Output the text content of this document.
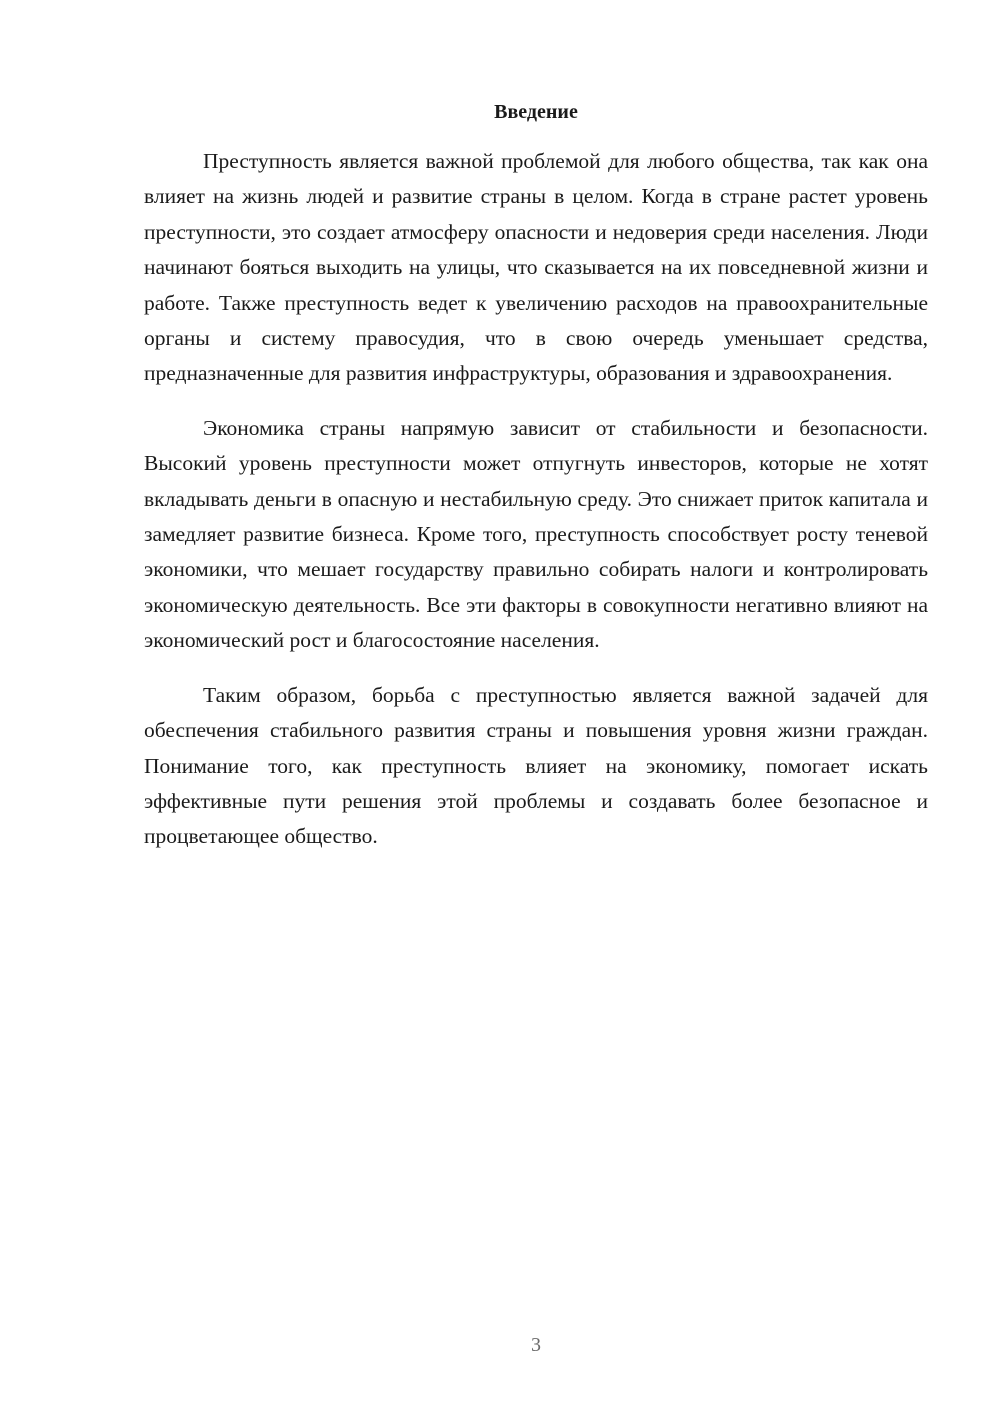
Введение

Преступность является важной проблемой для любого общества, так как она влияет на жизнь людей и развитие страны в целом. Когда в стране растет уровень преступности, это создает атмосферу опасности и недоверия среди населения. Люди начинают бояться выходить на улицы, что сказывается на их повседневной жизни и работе. Также преступность ведет к увеличению расходов на правоохранительные органы и систему правосудия, что в свою очередь уменьшает средства, предназначенные для развития инфраструктуры, образования и здравоохранения.

Экономика страны напрямую зависит от стабильности и безопасности. Высокий уровень преступности может отпугнуть инвесторов, которые не хотят вкладывать деньги в опасную и нестабильную среду. Это снижает приток капитала и замедляет развитие бизнеса. Кроме того, преступность способствует росту теневой экономики, что мешает государству правильно собирать налоги и контролировать экономическую деятельность. Все эти факторы в совокупности негативно влияют на экономический рост и благосостояние населения.

Таким образом, борьба с преступностью является важной задачей для обеспечения стабильного развития страны и повышения уровня жизни граждан. Понимание того, как преступность влияет на экономику, помогает искать эффективные пути решения этой проблемы и создавать более безопасное и процветающее общество.

3
